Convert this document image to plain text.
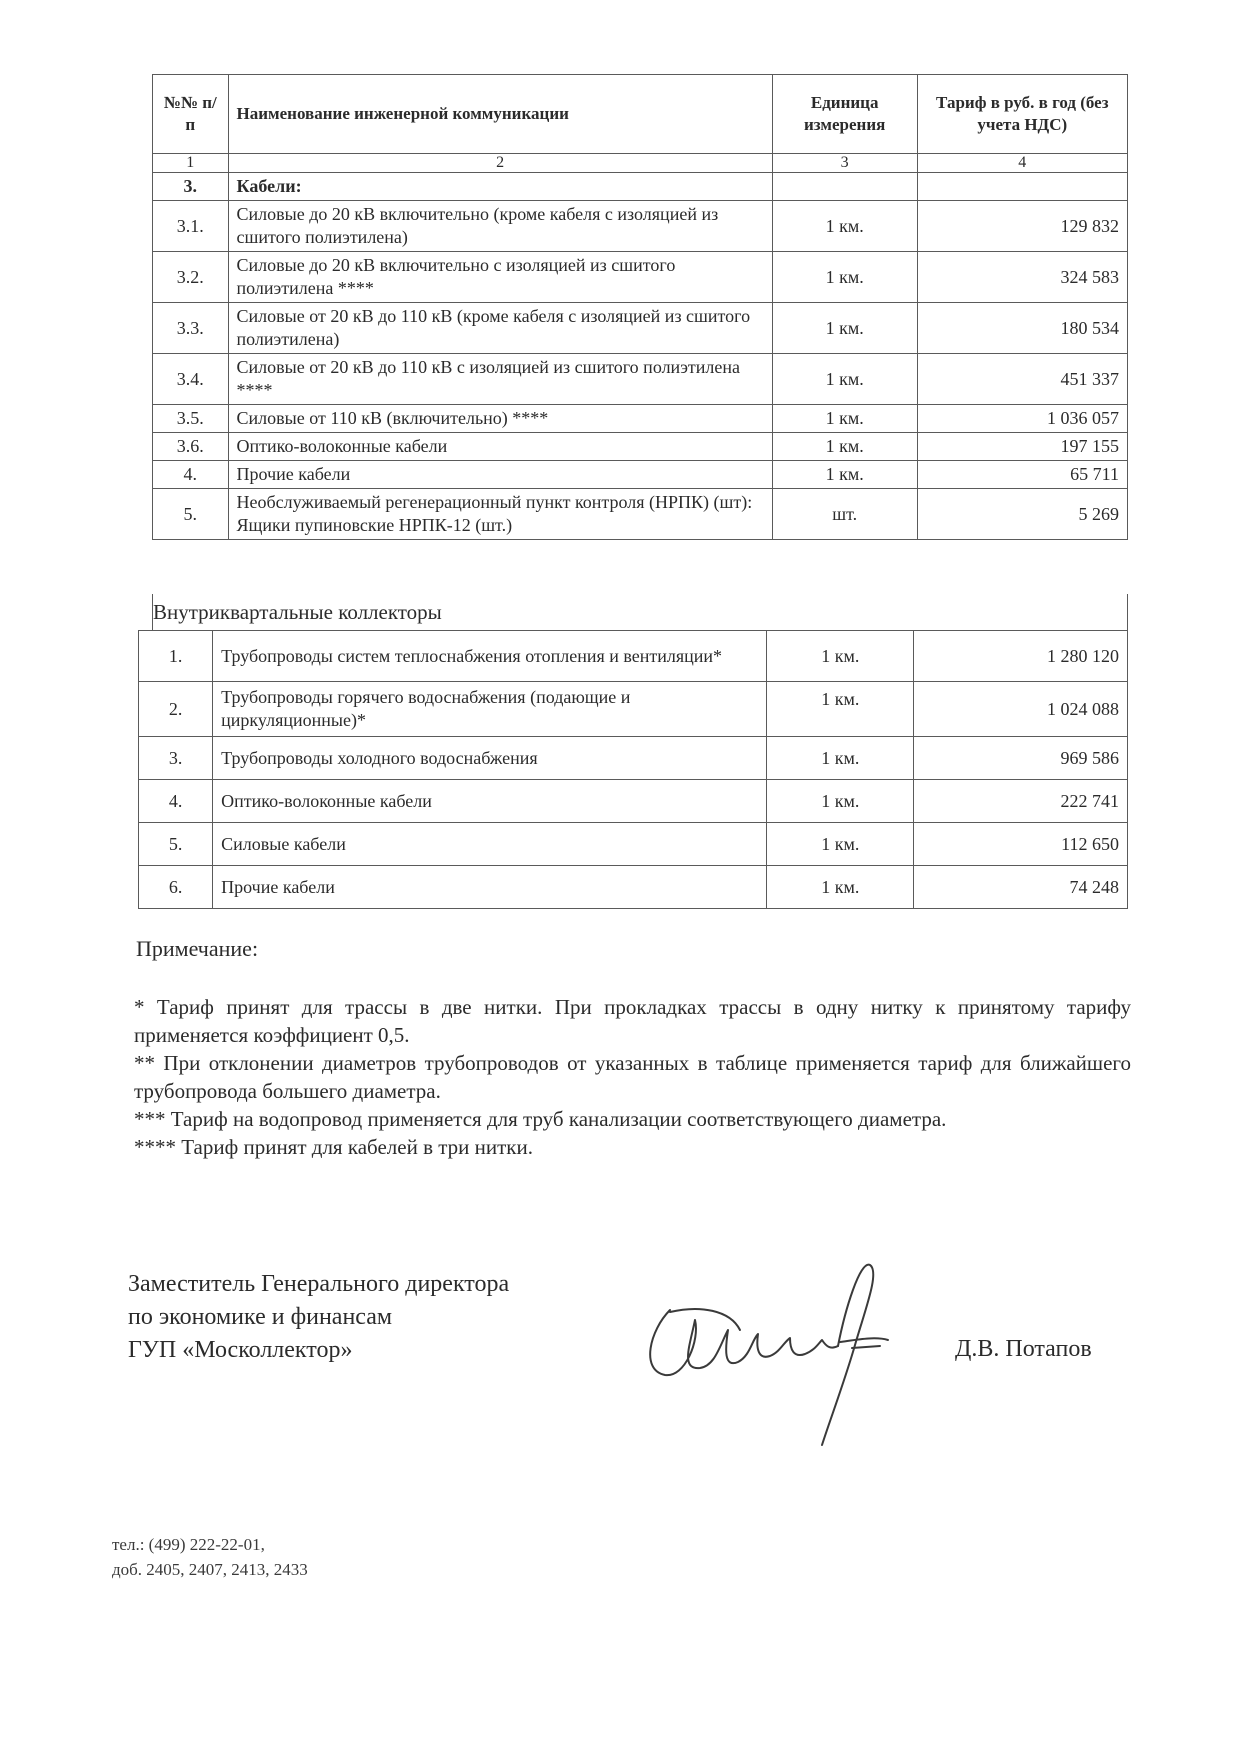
№№ п/п	Наименование инженерной коммуникации	Единица измерения	Тариф в руб. в год (без учета НДС)
1	2	3	4
3.	Кабели:		
3.1.	Силовые до 20 кВ включительно (кроме кабеля с изоляцией из сшитого полиэтилена)	1 км.	129 832
3.2.	Силовые до 20 кВ включительно с изоляцией из сшитого полиэтилена ****	1 км.	324 583
3.3.	Силовые от 20 кВ до 110 кВ (кроме кабеля с изоляцией из сшитого полиэтилена)	1 км.	180 534
3.4.	Силовые от 20 кВ до 110 кВ с изоляцией из сшитого полиэтилена ****	1 км.	451 337
3.5.	Силовые от 110 кВ (включительно) ****	1 км.	1 036 057
3.6.	Оптико-волоконные кабели	1 км.	197 155
4.	Прочие кабели	1 км.	65 711
5.	Необслуживаемый регенерационный пункт контроля (НРПК) (шт): Ящики пупиновские НРПК-12 (шт.)	шт.	5 269
Внутриквартальные коллекторы
1.	Трубопроводы систем теплоснабжения отопления и вентиляции*	1 км.	1 280 120
2.	Трубопроводы горячего водоснабжения (подающие и циркуляционные)*	1 км.	1 024 088
3.	Трубопроводы холодного водоснабжения	1 км.	969 586
4.	Оптико-волоконные кабели	1 км.	222 741
5.	Силовые кабели	1 км.	112 650
6.	Прочие кабели	1 км.	74 248
Примечание:

* Тариф принят для трассы в две нитки. При прокладках трассы в одну нитку к принятому тарифу применяется коэффициент 0,5.

** При отклонении диаметров трубопроводов от указанных в таблице применяется тариф для ближайшего трубопровода большего диаметра.

*** Тариф на водопровод применяется для труб канализации соответствующего диаметра.

**** Тариф принят для кабелей в три нитки.

Заместитель Генерального директора
по экономике и финансам
ГУП «Москоллектор»	Д.В. Потапов
тел.: (499) 222-22-01,
доб. 2405, 2407, 2413, 2433
